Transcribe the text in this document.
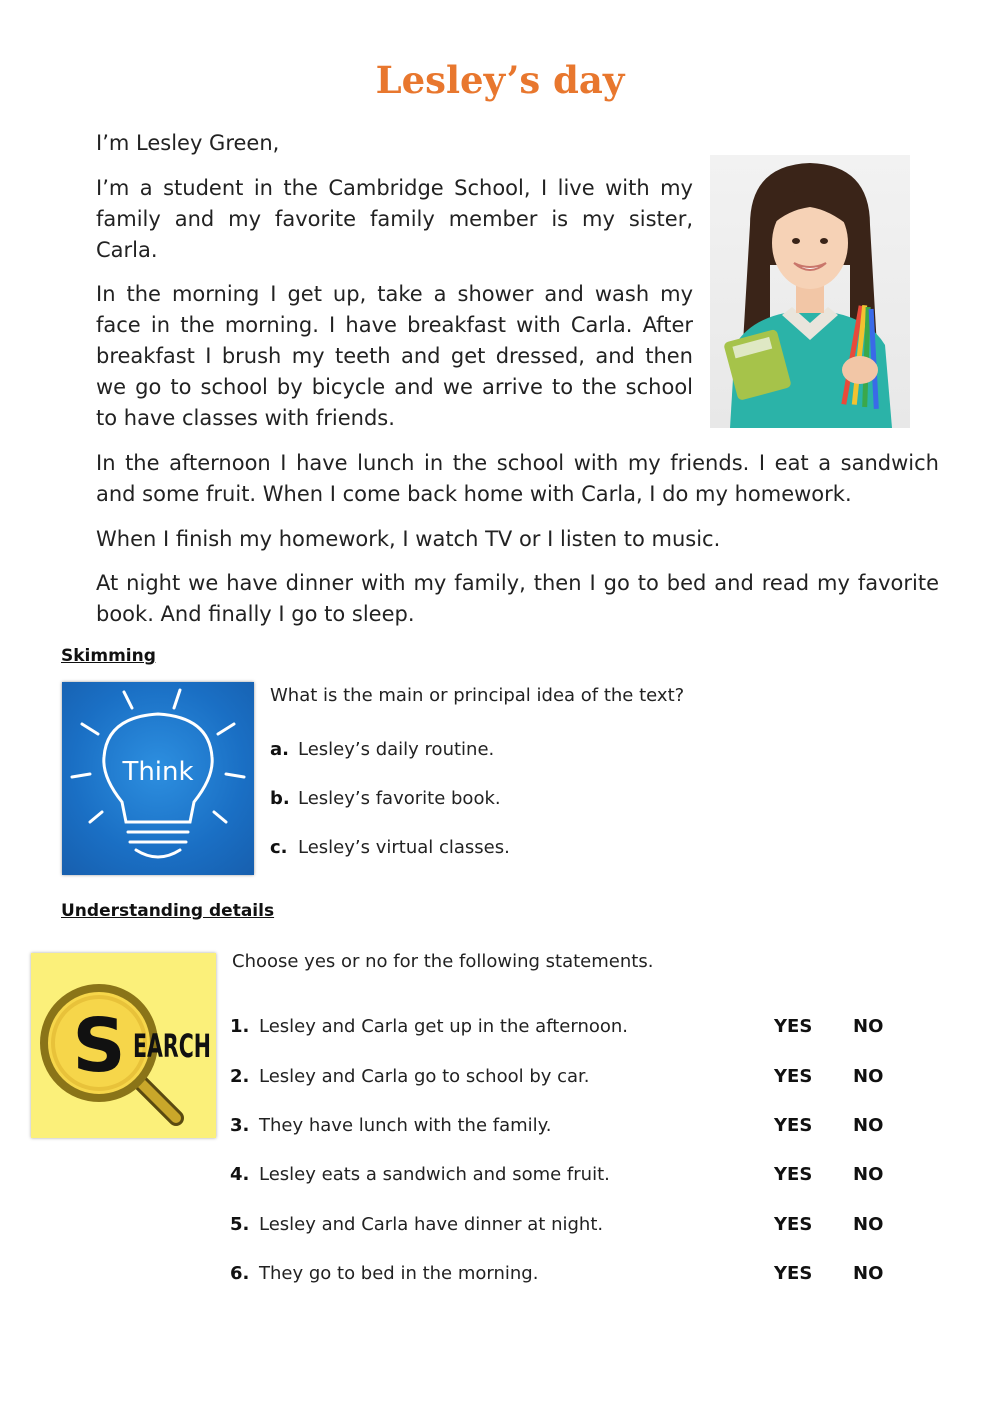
Lesley’s day

I’m Lesley Green,

I’m a student in the Cambridge School, I live with my family and my favorite family member is my sister, Carla.

In the morning I get up, take a shower and wash my face in the morning. I have breakfast with Carla. After breakfast I brush my teeth and get dressed, and then we go to school by bicycle and we arrive to the school to have classes with friends.

In the afternoon I have lunch in the school with my friends. I eat a sandwich and some fruit. When I come back home with Carla, I do my homework.

When I finish my homework, I watch TV or I listen to music.

At night we have dinner with my family, then I go to bed and read my favorite book. And finally I go to sleep.

Skimming
Think

What is the main or principal idea of the text?

a. Lesley’s daily routine.
b. Lesley’s favorite book.
c. Lesley’s virtual classes.
Understanding details
S EARCH

Choose yes or no for the following statements.

1. Lesley and Carla get up in the afternoon.	YES NO
2. Lesley and Carla go to school by car.	YES NO
3. They have lunch with the family.	YES NO
4. Lesley eats a sandwich and some fruit.	YES NO
5. Lesley and Carla have dinner at night.	YES NO
6. They go to bed in the morning.	YES NO
